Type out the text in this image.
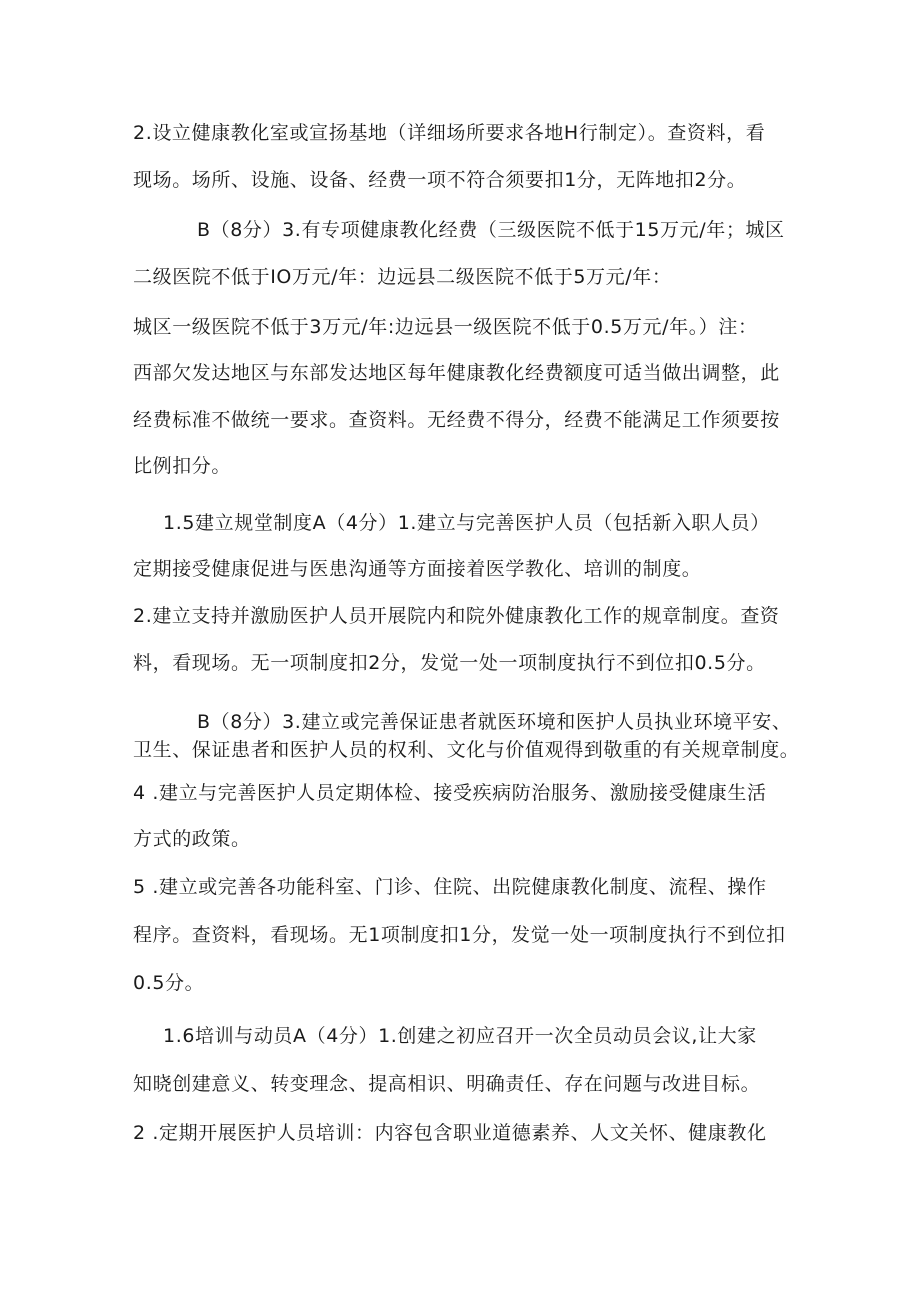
2.设立健康教化室或宣扬基地（详细场所要求各地H行制定）。查资料，看
现场。场所、设施、设备、经费一项不符合须要扣1分，无阵地扣2分。
B（8分）3.有专项健康教化经费（三级医院不低于15万元/年；城区
二级医院不低于IO万元/年：边远县二级医院不低于5万元/年：
城区一级医院不低于3万元/年:边远县一级医院不低于0.5万元/年。）注：
西部欠发达地区与东部发达地区每年健康教化经费额度可适当做出调整，此
经费标准不做统一要求。查资料。无经费不得分，经费不能满足工作须要按
比例扣分。
1.5建立规堂制度A（4分）1.建立与完善医护人员（包括新入职人员）
定期接受健康促进与医患沟通等方面接着医学教化、培训的制度。
2.建立支持并激励医护人员开展院内和院外健康教化工作的规章制度。查资
料，看现场。无一项制度扣2分，发觉一处一项制度执行不到位扣0.5分。
B（8分）3.建立或完善保证患者就医环境和医护人员执业环境平安、
卫生、保证患者和医护人员的权利、文化与价值观得到敬重的有关规章制度。
4 .建立与完善医护人员定期体检、接受疾病防治服务、激励接受健康生活
方式的政策。
5 .建立或完善各功能科室、门诊、住院、出院健康教化制度、流程、操作
程序。查资料，看现场。无1项制度扣1分，发觉一处一项制度执行不到位扣
0.5分。
1.6培训与动员A（4分）1.创建之初应召开一次全员动员会议,让大家
知晓创建意义、转变理念、提高相识、明确责任、存在问题与改进目标。
2 .定期开展医护人员培训：内容包含职业道德素养、人文关怀、健康教化
